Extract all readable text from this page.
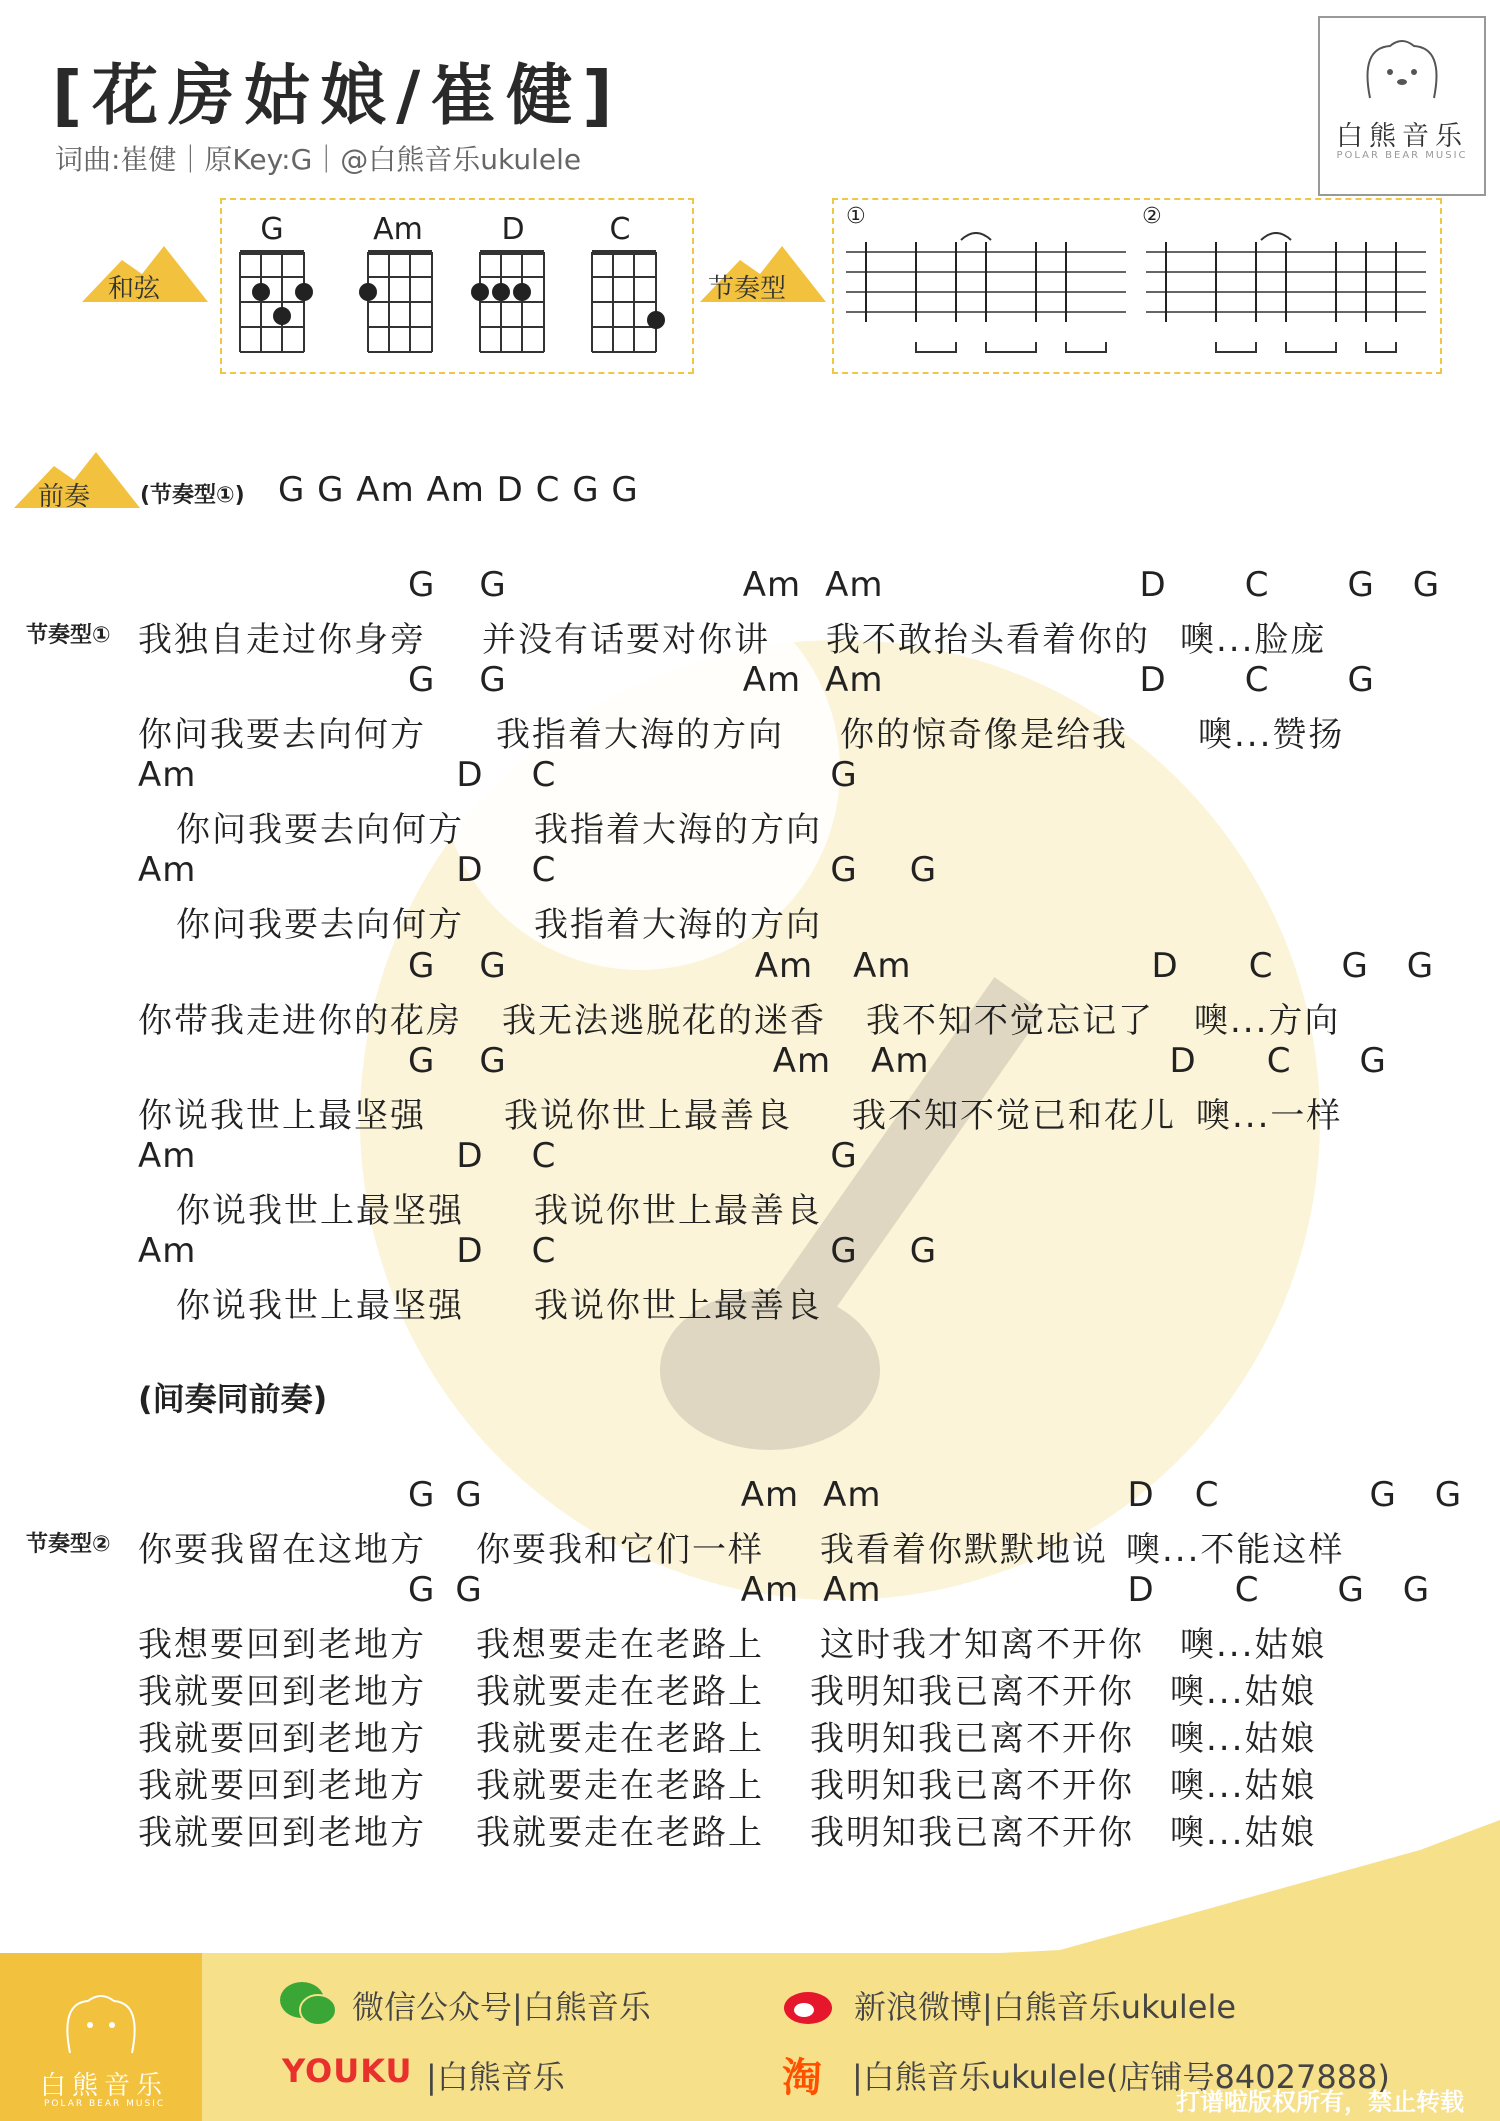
[花房姑娘/崔健]
词曲:崔健｜原Key:G｜@白熊音乐ukulele
白熊音乐
POLAR BEAR MUSIC
和弦
G	Am	D	C
节奏型
①	②
前奏 (节奏型①) G G Am Am D C G G
节奏型①
G G	Am Am	D C G G
我独自走过你身旁 并没有话要对你讲 我不敢抬头看着你的 噢...脸庞
G G	Am Am	D C G
你问我要去向何方 我指着大海的方向 你的惊奇像是给我 噢...赞扬
Am	D C	G
你问我要去向何方 我指着大海的方向
Am	D C	G G
你问我要去向何方 我指着大海的方向
G G	Am Am	D C G G
你带我走进你的花房 我无法逃脱花的迷香 我不知不觉忘记了 噢...方向
G G	Am Am	D C G
你说我世上最坚强 我说你世上最善良 我不知不觉已和花儿 噢...一样
Am	D C	G
你说我世上最坚强 我说你世上最善良
Am	D C	G G
你说我世上最坚强 我说你世上最善良
(间奏同前奏)
节奏型②
G G	Am Am	D C	G G
你要我留在这地方 你要我和它们一样 我看着你默默地说 噢...不能这样
G G	Am Am	D C G G
我想要回到老地方 我想要走在老路上 这时我才知离不开你 噢...姑娘
我就要回到老地方 我就要走在老路上 我明知我已离不开你 噢...姑娘
我就要回到老地方 我就要走在老路上 我明知我已离不开你 噢...姑娘
我就要回到老地方 我就要走在老路上 我明知我已离不开你 噢...姑娘
我就要回到老地方 我就要走在老路上 我明知我已离不开你 噢...姑娘
白熊音乐
POLAR BEAR MUSIC
微信公众号|白熊音乐	新浪微博|白熊音乐ukulele
YOUKU |白熊音乐	淘 |白熊音乐ukulele(店铺号84027888)
打谱啦版权所有，禁止转载
